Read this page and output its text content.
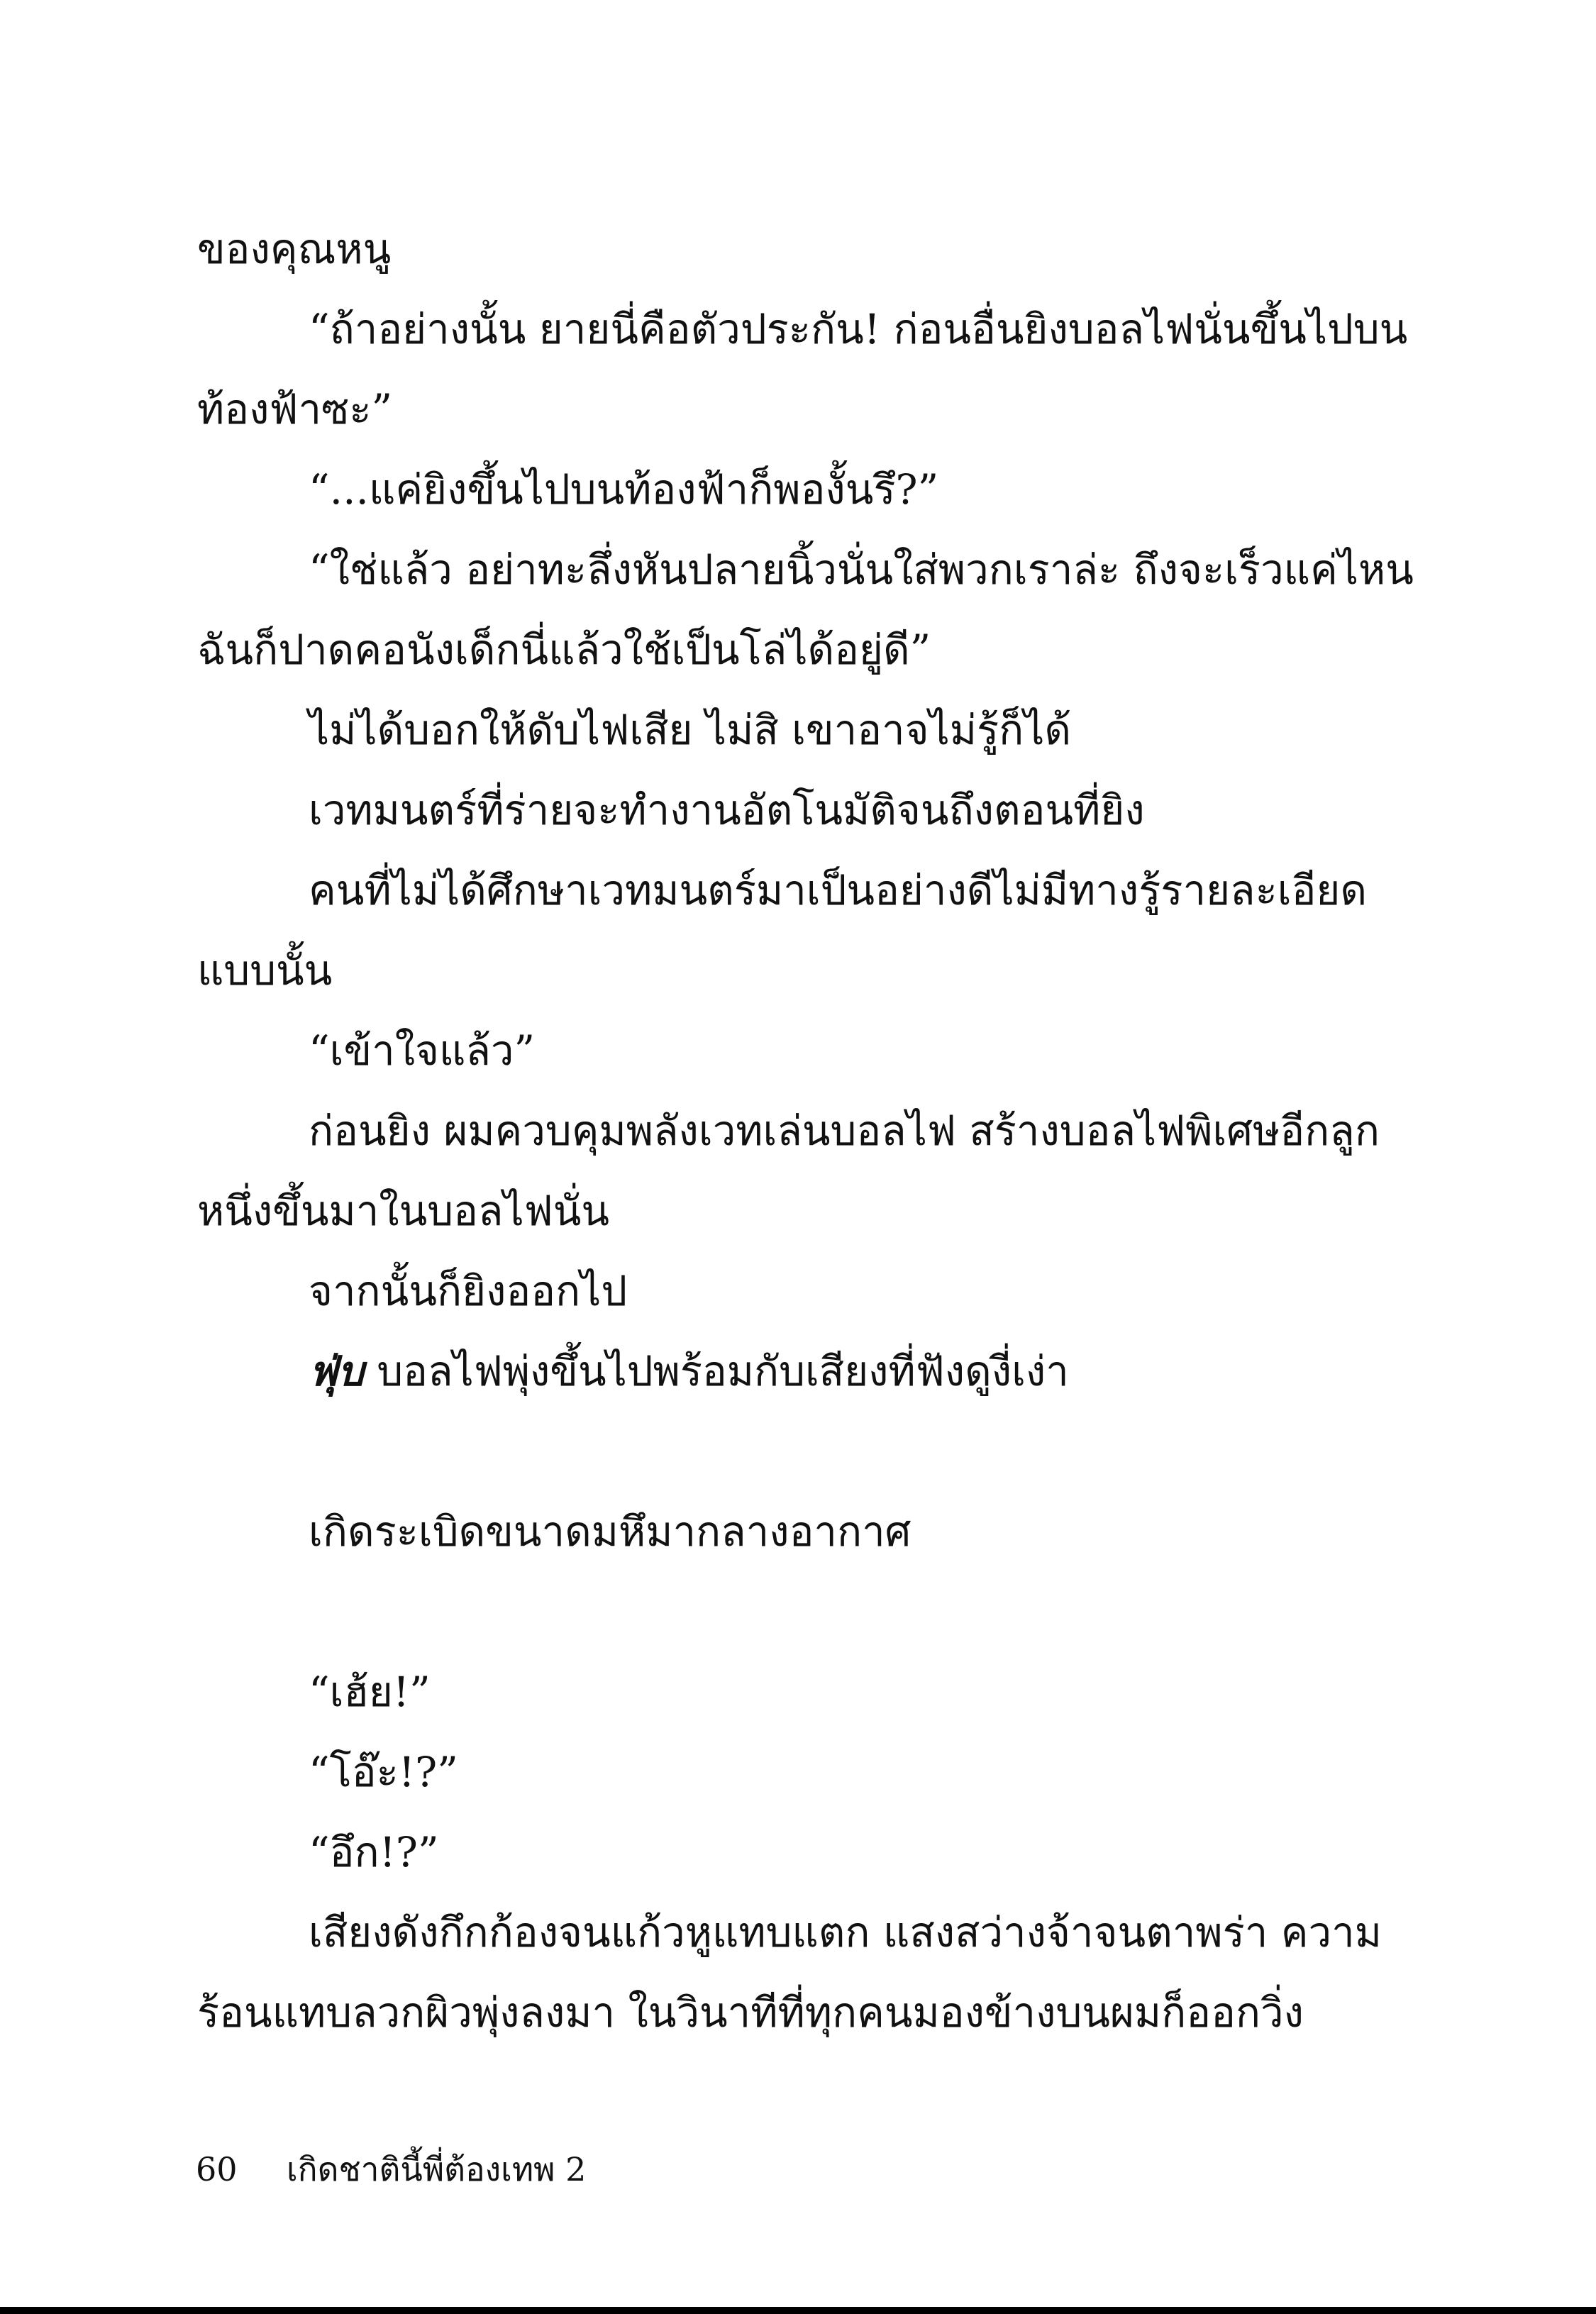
ของคุณหนู
“ถ้าอย่างนั้น ยายนี่คือตัวประกัน! ก่อนอื่นยิงบอลไฟนั่นขึ้นไปบน
ท้องฟ้าซะ”
“...แค่ยิงขึ้นไปบนท้องฟ้าก็พองั้นรึ?”
“ใช่แล้ว อย่าทะลึ่งหันปลายนิ้วนั่นใส่พวกเราล่ะ ถึงจะเร็วแค่ไหน
ฉันก็ปาดคอนังเด็กนี่แล้วใช้เป็นโล่ได้อยู่ดี”
ไม่ได้บอกให้ดับไฟเสีย ไม่สิ เขาอาจไม่รู้ก็ได้
เวทมนตร์ที่ร่ายจะทำงานอัตโนมัติจนถึงตอนที่ยิง
คนที่ไม่ได้ศึกษาเวทมนตร์มาเป็นอย่างดีไม่มีทางรู้รายละเอียด
แบบนั้น
“เข้าใจแล้ว”
ก่อนยิง ผมควบคุมพลังเวทเล่นบอลไฟ สร้างบอลไฟพิเศษอีกลูก
หนึ่งขึ้นมาในบอลไฟนั่น
จากนั้นก็ยิงออกไป
ฟุ่บ บอลไฟพุ่งขึ้นไปพร้อมกับเสียงที่ฟังดูงี่เง่า
เกิดระเบิดขนาดมหึมากลางอากาศ
“เฮ้ย!”
“โอ๊ะ!?”
“อึก!?”
เสียงดังกึกก้องจนแก้วหูแทบแตก แสงสว่างจ้าจนตาพร่า ความ
ร้อนแทบลวกผิวพุ่งลงมา ในวินาทีที่ทุกคนมองข้างบนผมก็ออกวิ่ง
60 เกิดชาตินี้พี่ต้องเทพ 2
